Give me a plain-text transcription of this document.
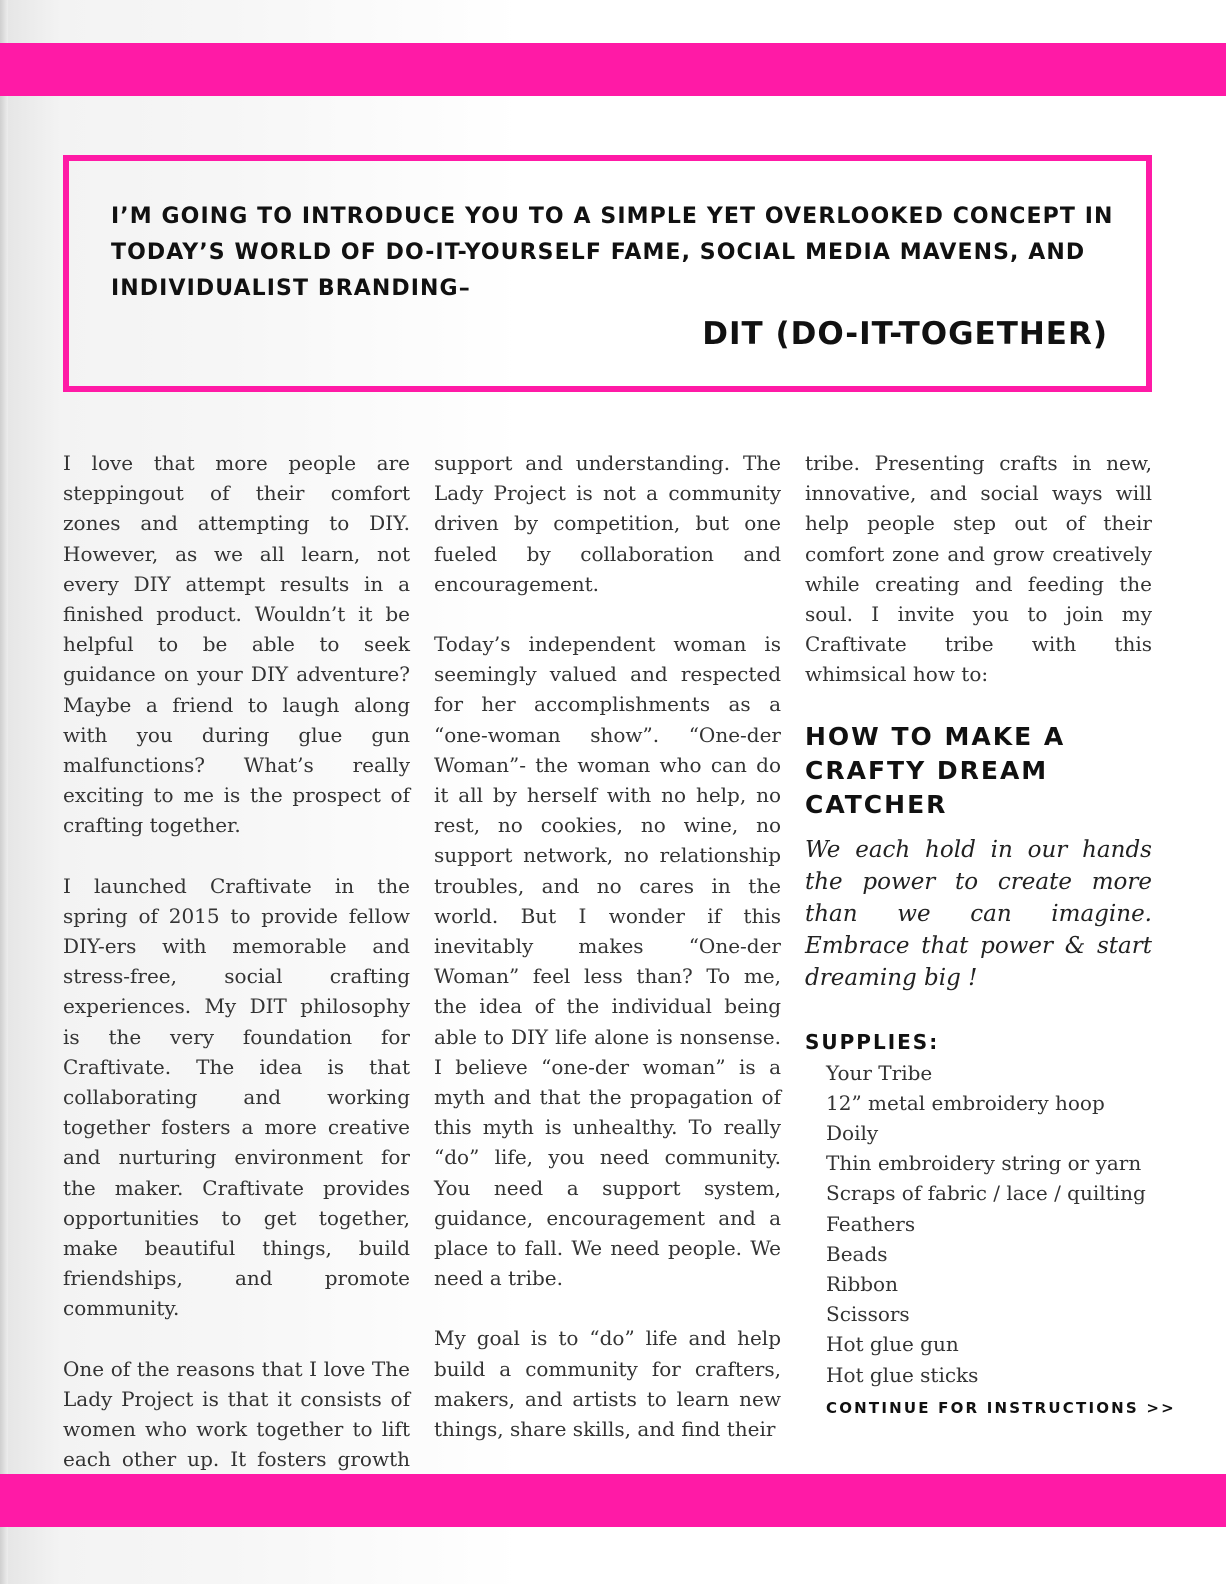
I’M GOING TO INTRODUCE YOU TO A SIMPLE YET OVERLOOKED CONCEPT IN TODAY’S WORLD OF DO-IT-YOURSELF FAME, SOCIAL MEDIA MAVENS, AND INDIVIDUALIST BRANDING–
DIT (DO-IT-TOGETHER)

I love that more people are steppingout of their comfort zones and attempting to DIY. However, as we all learn, not every DIY attempt results in a finished product. Wouldn’t it be helpful to be able to seek guidance on your DIY adventure? Maybe a friend to laugh along with you during glue gun malfunctions? What’s really exciting to me is the prospect of crafting together.

I launched Craftivate in the spring of 2015 to provide fellow DIY-ers with memorable and stress-free, social crafting experiences. My DIT philosophy is the very foundation for Craftivate. The idea is that collaborating and working together fosters a more creative and nurturing environment for the maker. Craftivate provides opportunities to get together, make beautiful things, build friendships, and promote community.

One of the reasons that I love The Lady Project is that it consists of women who work together to lift each other up. It fosters growth

support and understanding. The Lady Project is not a community driven by competition, but one fueled by collaboration and encouragement.

Today’s independent woman is seemingly valued and respected for her accomplishments as a “one-woman show”. “One-der Woman”- the woman who can do it all by herself with no help, no rest, no cookies, no wine, no support network, no relationship troubles, and no cares in the world. But I wonder if this inevitably makes “One-der Woman” feel less than? To me, the idea of the individual being able to DIY life alone is nonsense. I believe “one-der woman” is a myth and that the propagation of this myth is unhealthy. To really “do” life, you need community. You need a support system, guidance, encouragement and a place to fall. We need people. We need a tribe.

My goal is to “do” life and help build a community for crafters, makers, and artists to learn new things, share skills, and find their

tribe. Presenting crafts in new, innovative, and social ways will help people step out of their comfort zone and grow creatively while creating and feeding the soul. I invite you to join my Craftivate tribe with this whimsical how to:

HOW TO MAKE A CRAFTY DREAM CATCHER
We each hold in our hands the power to create more than we can imagine. Embrace that power & start dreaming big !
SUPPLIES:
Your Tribe
12” metal embroidery hoop
Doily
Thin embroidery string or yarn
Scraps of fabric / lace / quilting
Feathers
Beads
Ribbon
Scissors
Hot glue gun
Hot glue sticks
CONTINUE FOR INSTRUCTIONS >>
